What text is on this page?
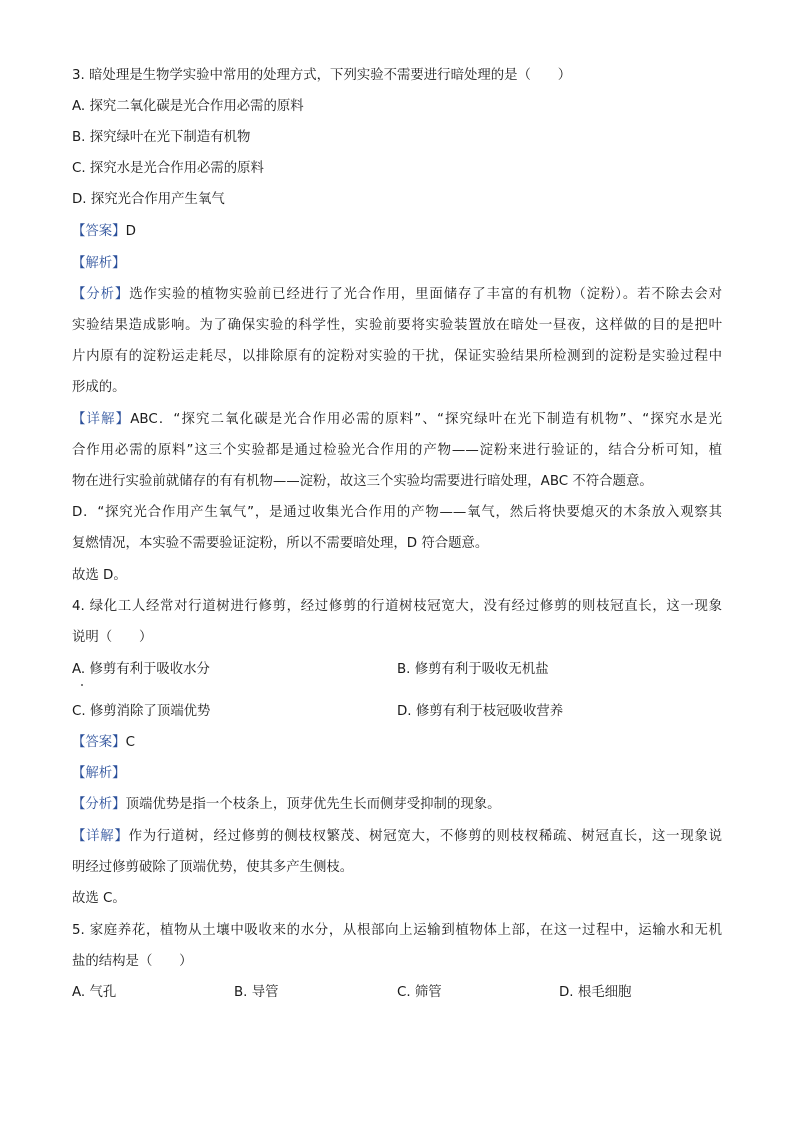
3. 暗处理是生物学实验中常用的处理方式，下列实验不需要进行暗处理的是（　　）
A. 探究二氧化碳是光合作用必需的原料
B. 探究绿叶在光下制造有机物
C. 探究水是光合作用必需的原料
D. 探究光合作用产生氧气
【答案】D
【解析】
【分析】选作实验的植物实验前已经进行了光合作用，里面储存了丰富的有机物（淀粉）。若不除去会对
实验结果造成影响。为了确保实验的科学性，实验前要将实验装置放在暗处一昼夜，这样做的目的是把叶
片内原有的淀粉运走耗尽，以排除原有的淀粉对实验的干扰，保证实验结果所检测到的淀粉是实验过程中
形成的。
【详解】ABC．“探究二氧化碳是光合作用必需的原料”、“探究绿叶在光下制造有机物”、“探究水是光
合作用必需的原料”这三个实验都是通过检验光合作用的产物——淀粉来进行验证的，结合分析可知，植
物在进行实验前就储存的有有机物——淀粉，故这三个实验均需要进行暗处理，ABC 不符合题意。
D．“探究光合作用产生氧气”，是通过收集光合作用的产物——氧气，然后将快要熄灭的木条放入观察其
复燃情况，本实验不需要验证淀粉，所以不需要暗处理，D 符合题意。
故选 D。
4. 绿化工人经常对行道树进行修剪，经过修剪的行道树枝冠宽大，没有经过修剪的则枝冠直长，这一现象
说明（　　）
A. 修剪有利于吸收水分	B. 修剪有利于吸收无机盐
C. 修剪消除了顶端优势	D. 修剪有利于枝冠吸收营养
【答案】C
【解析】
【分析】顶端优势是指一个枝条上，顶芽优先生长而侧芽受抑制的现象。
【详解】作为行道树，经过修剪的侧枝杈繁茂、树冠宽大，不修剪的则枝杈稀疏、树冠直长，这一现象说
明经过修剪破除了顶端优势，使其多产生侧枝。
故选 C。
5. 家庭养花，植物从土壤中吸收来的水分，从根部向上运输到植物体上部，在这一过程中，运输水和无机
盐的结构是（　　）
A. 气孔	B. 导管	C. 筛管	D. 根毛细胞
